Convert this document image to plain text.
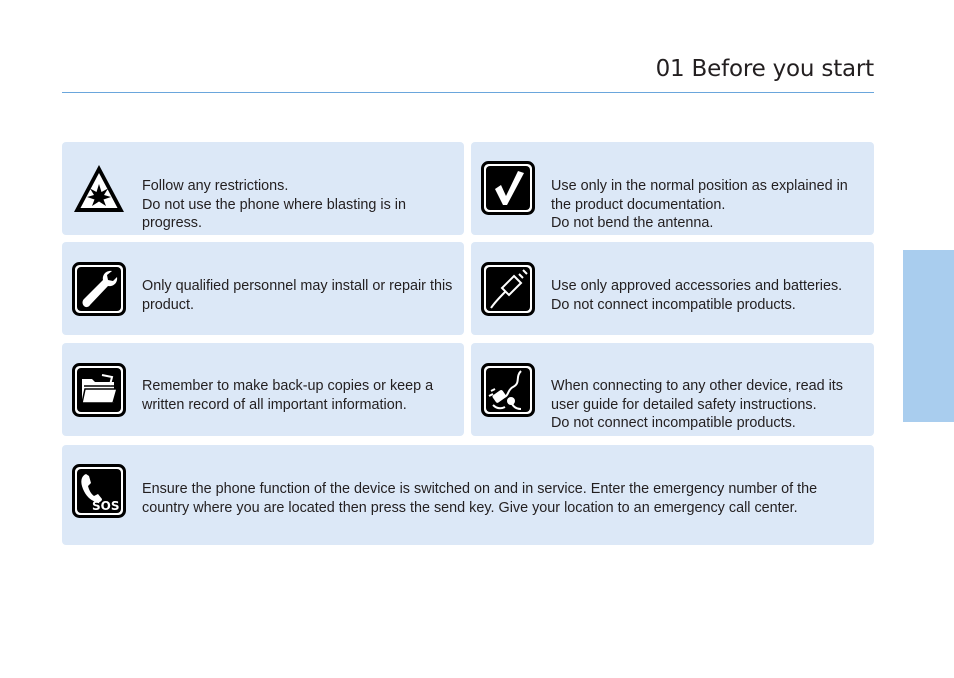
01 Before you start
Follow any restrictions.
Do not use the phone where blasting is in progress.
Use only in the normal position as explained in the product documentation.
Do not bend the antenna.
Only qualified personnel may install or repair this product.
Use only approved accessories and batteries.
Do not connect incompatible products.
Remember to make back-up copies or keep a written record of all important information.
When connecting to any other device, read its user guide for detailed safety instructions.
Do not connect incompatible products.
SOS
Ensure the phone function of the device is switched on and in service. Enter the emergency number of the country where you are located then press the send key. Give your location to an emergency call center.
